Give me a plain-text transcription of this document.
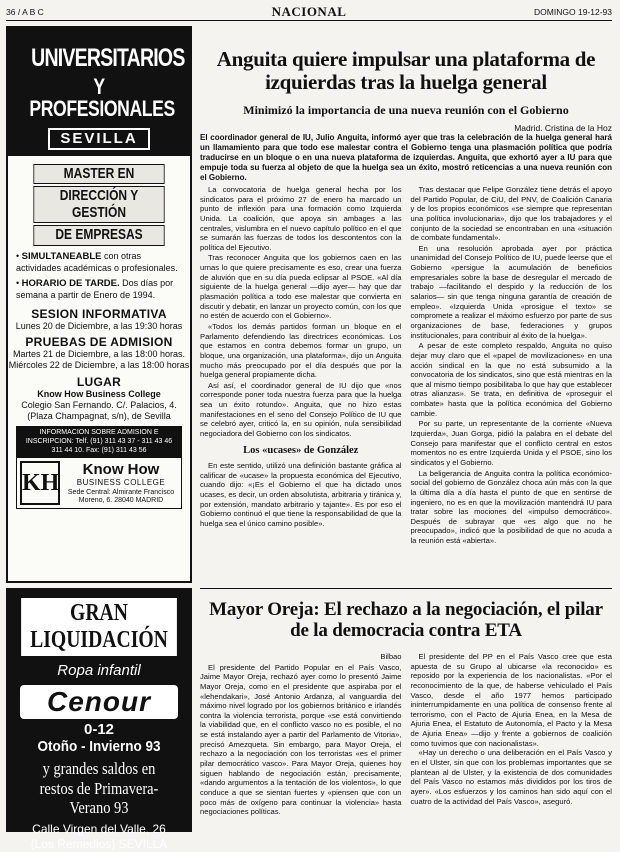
36 / A B C	NACIONAL	DOMINGO 19-12-93
UNIVERSITARIOS
Y PROFESIONALES
SEVILLA
MASTER EN
DIRECCIÓN Y GESTIÓN
DE EMPRESAS
• SIMULTANEABLE con otras actividades académicas o profesionales.
• HORARIO DE TARDE. Dos días por semana a partir de Enero de 1994.
SESION INFORMATIVA

Lunes 20 de Diciembre, a las 19:30 horas

PRUEBAS DE ADMISION

Martes 21 de Diciembre, a las 18:00 horas. Miércoles 22 de Diciembre, a las 18:00 horas

LUGAR

Know How Business College

Colegio San Fernando. C/. Palacios, 4. (Plaza Champagnat, s/n), de Sevilla

INFORMACION SOBRE ADMISION E INSCRIPCION: Telf. (91) 311 43 37 - 311 43 46 311 44 10. Fax: (91) 311 43 56
KH
Know How
BUSINESS COLLEGE
Sede Central: Almirante Francisco Moreno, 6. 28040 MADRID
GRAN LIQUIDACIÓN
Ropa infantil
Cenour
0-12
Otoño - Invierno 93
y grandes saldos en restos de Primavera-Verano 93
Calle Virgen del Valle, 26
(Los Remedios) SEVILLA
Anguita quiere impulsar una plataforma de izquierdas tras la huelga general
Minimizó la importancia de una nueva reunión con el Gobierno
Madrid. Cristina de la Hoz
El coordinador general de IU, Julio Anguita, informó ayer que tras la celebración de la huelga general hará un llamamiento para que todo ese malestar contra el Gobierno tenga una plasmación política que podría traducirse en un bloque o en una nueva plataforma de izquierdas. Anguita, que exhortó ayer a IU para que empuje toda su fuerza al objeto de que la huelga sea un éxito, mostró reticencias a una nueva reunión con el Gobierno.

La convocatoria de huelga general hecha por los sindicatos para el próximo 27 de enero ha marcado un punto de inflexión para una formación como Izquierda Unida. La coalición, que apoya sin ambages a las centrales, vislumbra en el nuevo capítulo político en el que se sumarán las fuerzas de todos los descontentos con la política del Ejecutivo.

Tras reconocer Anguita que los gobiernos caen en las urnas lo que quiere precisamente es eso, crear una fuerza de aluvión que en su día pueda eclipsar al PSOE. «Al día siguiente de la huelga general —dijo ayer— hay que dar plasmación política a todo ese malestar que convierta en discutir y debatir, en lanzar un proyecto común, con los que no estén de acuerdo con el Gobierno».

«Todos los demás partidos forman un bloque en el Parlamento defendiendo las directrices económicas. Los que estamos en contra debemos formar un grupo, un bloque, una organización, una plataforma», dijo un Anguita mucho más preocupado por el día después que por la huelga general propiamente dicha.

Así así, el coordinador general de IU dijo que «nos corresponde poner toda nuestra fuerza para que la huelga sea un éxito rotundo». Anguita, que no hizo estas manifestaciones en el seno del Consejo Político de IU que se celebró ayer, criticó la, en su opinión, nula sensibilidad negociadora del Gobierno con los sindicatos.

Los «ucases» de González

En este sentido, utilizó una definición bastante gráfica al calificar de «ucase» la propuesta económica del Ejecutivo, cuando dijo: «¡Es el Gobierno el que ha dictado unos ucases, es decir, un orden absolutista, arbitraria y tiránica y, por extensión, mandato arbitrario y tajante». Es por eso el Gobierno continuó el que tiene la responsabilidad de que la huelga sea el único camino posible».

Tras destacar que Felipe González tiene detrás el apoyo del Partido Popular, de CiU, del PNV, de Coalición Canaria y de los propios económicos «se siempre que representan una política involucionaria», dijo que los trabajadores y el conjunto de la sociedad se encontraban en una «situación de combate fundamental».

En una resolución aprobada ayer por práctica unanimidad del Consejo Político de IU, puede leerse que el Gobierno «persigue la acumulación de beneficios empresariales sobre la base de desregular el mercado de trabajo —facilitando el despido y la reducción de los salarios— sin que tenga ninguna garantía de creación de empleo». «Izquierda Unida «prosigue el texto» se compromete a realizar el máximo esfuerzo por parte de sus organizaciones de base, federaciones y grupos institucionales, para contribuir al éxito de la huelga».

A pesar de este completo respaldo, Anguita no quiso dejar muy claro que el «papel de movilizaciones» en una acción sindical en la que no está subsumido a la convocatoria de los sindicatos, sino que está mientras en la que al mismo tiempo posibilitaba lo que hay que establecer otras alianzas». Se trata, en definitiva de «proseguir el combate» hasta que la política económica del Gobierno cambie.

Por su parte, un representante de la corriente «Nueva Izquierda», Juan Gorga, pidió la palabra en el debate del Consejo para manifestar que el conflicto central en estos momentos no es entre Izquierda Unida y el PSOE, sino los sindicatos y el Gobierno.

La beligerancia de Anguita contra la política económico-social del gobierno de González choca aún más con la que la última día a día hasta el punto de que en sentirse de ingeniero, no es en que la movilización mantendrá IU para tratar sobre las mociones del «impulso democrático». Después de subrayar que «es algo que no he preocupado», indicó que la posibilidad de que no acuda a la reunión está «abierta».

Mayor Oreja: El rechazo a la negociación, el pilar de la democracia contra ETA
Bilbao

El presidente del Partido Popular en el País Vasco, Jaime Mayor Oreja, rechazó ayer como lo presentó Jaime Mayor Oreja, como en el presidente que aspiraba por el «lehendakari», José Antonio Ardanza, al vanguardia del máximo nivel logrado por los gobiernos británico e irlandés contra la violencia terrorista, porque «se está convirtiendo la viabilidad que, en el conflicto vasco no es posible, el no se está instalando ayer a partir del Parlamento de Vitoria», precisó Amezqueta. Sin embargo, para Mayor Oreja, el rechazo a la negociación con los terroristas «es el primer pilar democrático vasco». Para Mayor Oreja, quienes hoy siguen hablando de negociación están, precisamente, «dando argumentos a la tentación de los violentos», lo que conduce a que se sientan fuertes y «piensen que con un poco más de oxígeno para continuar la violencia» hasta negociaciones políticas.

El presidente del PP en el País Vasco cree que esta apuesta de su Grupo al ubicarse «la reconocido» es reposido por la experiencia de los nacionalistas. «Por el reconocimiento de la que, de haberse vehiculado el País Vasco, desde el año 1977 hemos participado ininterrumpidamente en una política de consenso frente al terrorismo, con el Pacto de Ajuria Enea, en la Mesa de Ajuria Enea, el Estatuto de Autonomía, el Pacto y la Mesa de Ajuria Enea» —dijo y frente a gobiernos de coalición como tuvimos que con nacionalistas».

«Hay un derecho o una deliberación en el País Vasco y en el Ulster, sin que con los problemas importantes que se plantean al de Ulster, y la existencia de dos comunidades del País Vasco no estamos más divididos por los tiros de ayer». «Los esfuerzos y los caminos han sido aquí con el cuatro de la actividad del País Vasco», aseguró.
